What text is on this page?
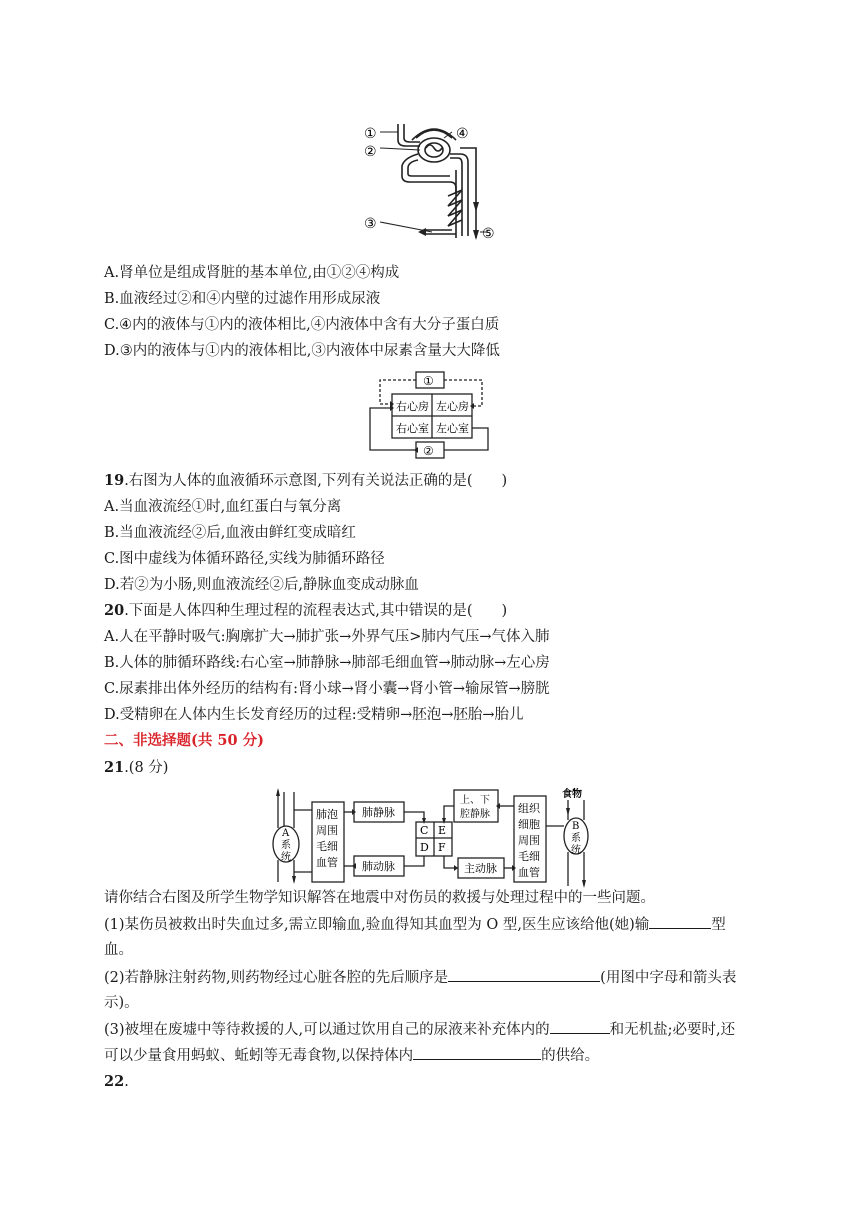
①
②
④
③
⑤
A.肾单位是组成肾脏的基本单位,由①②④构成
B.血液经过②和④内壁的过滤作用形成尿液
C.④内的液体与①内的液体相比,④内液体中含有大分子蛋白质
D.③内的液体与①内的液体相比,③内液体中尿素含量大大降低
①
右心房 左心房
右心室 左心室
②
19.右图为人体的血液循环示意图,下列有关说法正确的是(　　)
A.当血液流经①时,血红蛋白与氧分离
B.当血液流经②后,血液由鲜红变成暗红
C.图中虚线为体循环路径,实线为肺循环路径
D.若②为小肠,则血液流经②后,静脉血变成动脉血
20.下面是人体四种生理过程的流程表达式,其中错误的是(　　)
A.人在平静时吸气:胸廓扩大→肺扩张→外界气压>肺内气压→气体入肺
B.人体的肺循环路线:右心室→肺静脉→肺部毛细血管→肺动脉→左心房
C.尿素排出体外经历的结构有:肾小球→肾小囊→肾小管→输尿管→膀胱
D.受精卵在人体内生长发育经历的过程:受精卵→胚泡→胚胎→胎儿
二、非选择题(共 50 分)
21.(8 分)
A
系
统
肺泡
周围
毛细
血管
肺静脉
肺动脉
C E
D F
上、下
腔静脉
主动脉
组织
细胞
周围
毛细
血管
食物
B
系
统
请你结合右图及所学生物学知识解答在地震中对伤员的救援与处理过程中的一些问题。
(1)某伤员被救出时失血过多,需立即输血,验血得知其血型为 O 型,医生应该给他(她)输	型
血。
(2)若静脉注射药物,则药物经过心脏各腔的先后顺序是	(用图中字母和箭头表
示)。
(3)被埋在废墟中等待救援的人,可以通过饮用自己的尿液来补充体内的	和无机盐;必要时,还
可以少量食用蚂蚁、蚯蚓等无毒食物,以保持体内	的供给。
22.
